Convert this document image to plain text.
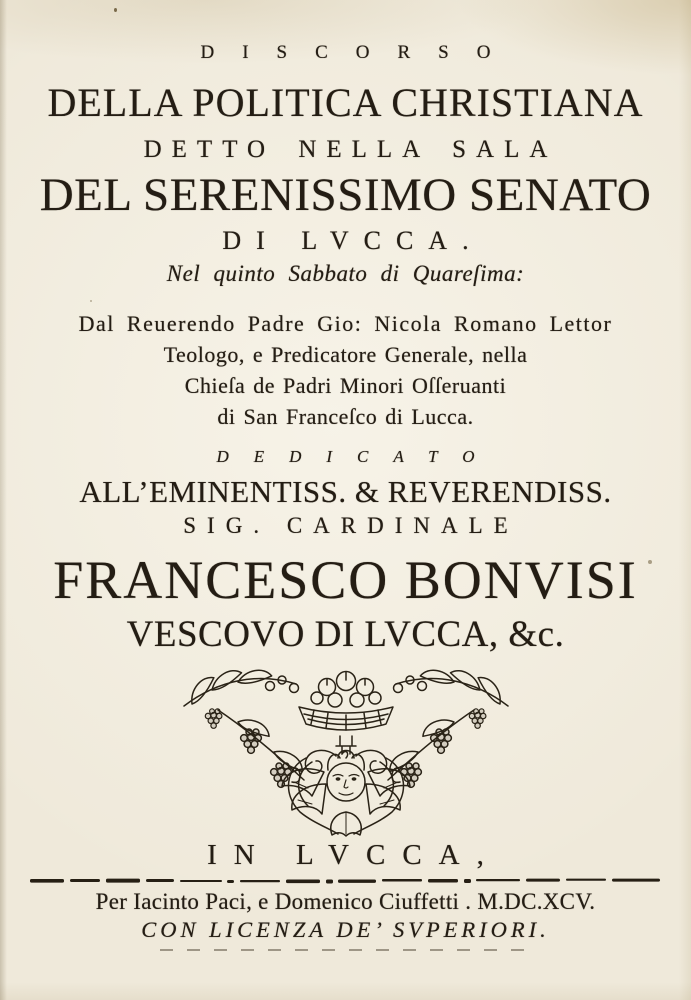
DISCORSO
DELLA POLITICA CHRISTIANA
DETTO NELLA SALA
DEL SERENISSIMO SENATO
DI LVCCA.
Nel quinto Sabbato di Quareſima:
Dal Reuerendo Padre Gio: Nicola Romano Lettor
Teologo, e Predicatore Generale, nella
Chieſa de Padri Minori Oſſeruanti
di San Franceſco di Lucca.
DEDICATO
ALL’EMINENTISS. & REVERENDISS.
SIG. CARDINALE
FRANCESCO BONVISI
VESCOVO DI LVCCA, &c.
IN LVCCA,
Per Iacinto Paci, e Domenico Ciuffetti . M.DC.XCV.
CON LICENZA DE’ SVPERIORI.
